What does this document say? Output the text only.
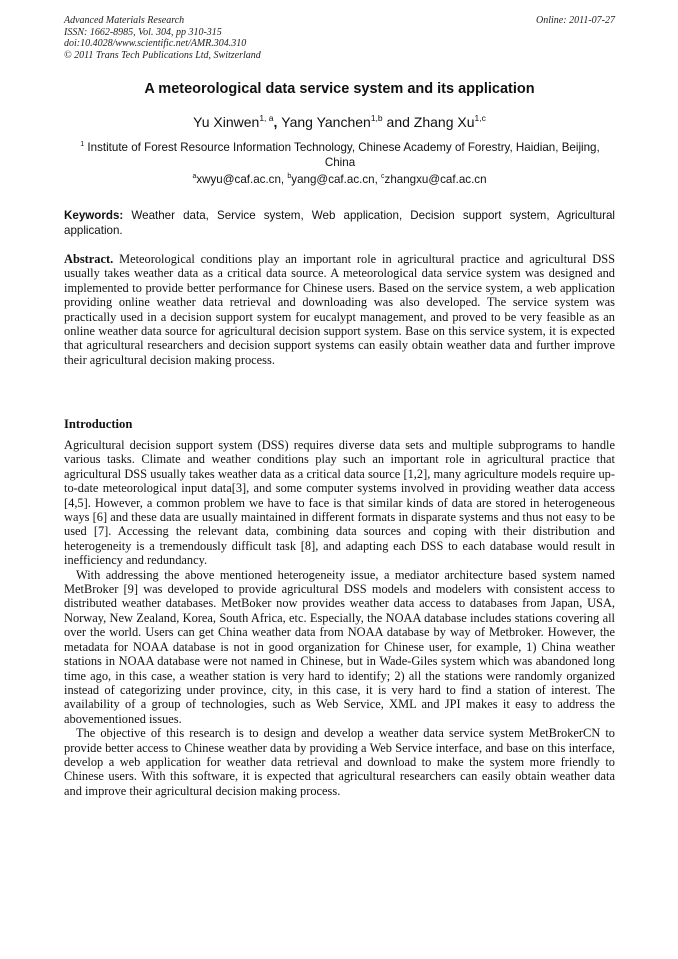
Advanced Materials Research
ISSN: 1662-8985, Vol. 304, pp 310-315
doi:10.4028/www.scientific.net/AMR.304.310
© 2011 Trans Tech Publications Ltd, Switzerland
Online: 2011-07-27
A meteorological data service system and its application
Yu Xinwen$^{1, a}$, Yang Yanchen$^{1,b}$ and Zhang Xu$^{1,c}$
$^1$ Institute of Forest Resource Information Technology, Chinese Academy of Forestry, Haidian, Beijing, China
$^a$xwyu@caf.ac.cn, $^b$yang@caf.ac.cn, $^c$zhangxu@caf.ac.cn
Keywords: Weather data, Service system, Web application, Decision support system, Agricultural application.
Abstract. Meteorological conditions play an important role in agricultural practice and agricultural DSS usually takes weather data as a critical data source. A meteorological data service system was designed and implemented to provide better performance for Chinese users. Based on the service system, a web application providing online weather data retrieval and downloading was also developed. The service system was practically used in a decision support system for eucalypt management, and proved to be very feasible as an online weather data source for agricultural decision support system. Base on this service system, it is expected that agricultural researchers and decision support systems can easily obtain weather data and further improve their agricultural decision making process.
Introduction

Agricultural decision support system (DSS) requires diverse data sets and multiple subprograms to handle various tasks. Climate and weather conditions play such an important role in agricultural practice that agricultural DSS usually takes weather data as a critical data source [1,2], many agriculture models require up-to-date meteorological input data[3], and some computer systems involved in providing weather data access [4,5]. However, a common problem we have to face is that similar kinds of data are stored in heterogeneous ways [6] and these data are usually maintained in different formats in disparate systems and thus not easy to be used [7]. Accessing the relevant data, combining data sources and coping with their distribution and heterogeneity is a tremendously difficult task [8], and adapting each DSS to each database would result in inefficiency and redundancy.

With addressing the above mentioned heterogeneity issue, a mediator architecture based system named MetBroker [9] was developed to provide agricultural DSS models and modelers with consistent access to distributed weather databases. MetBoker now provides weather data access to databases from Japan, USA, Norway, New Zealand, Korea, South Africa, etc. Especially, the NOAA database includes stations covering all over the world. Users can get China weather data from NOAA database by way of Metbroker. However, the metadata for NOAA database is not in good organization for Chinese user, for example, 1) China weather stations in NOAA database were not named in Chinese, but in Wade-Giles system which was abandoned long time ago, in this case, a weather station is very hard to identify; 2) all the stations were randomly organized instead of categorizing under province, city, in this case, it is very hard to find a station of interest. The availability of a group of technologies, such as Web Service, XML and JPI makes it easy to address the abovementioned issues.

The objective of this research is to design and develop a weather data service system MetBrokerCN to provide better access to Chinese weather data by providing a Web Service interface, and base on this interface, develop a web application for weather data retrieval and download to make the system more friendly to Chinese users. With this software, it is expected that agricultural researchers can easily obtain weather data and improve their agricultural decision making process.
